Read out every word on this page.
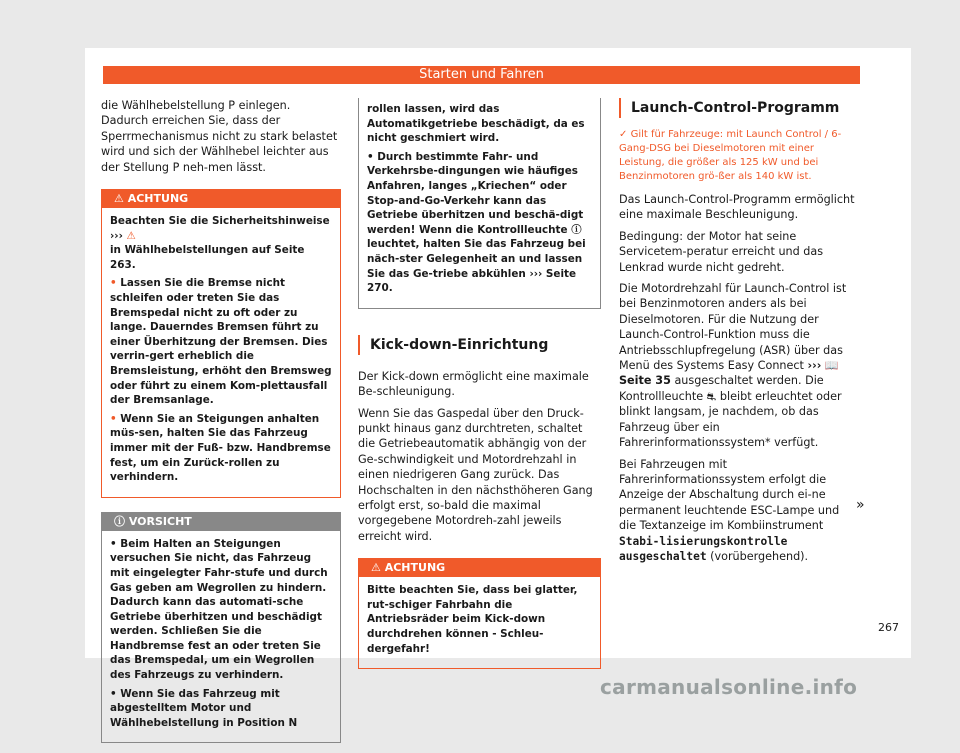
Starten und Fahren

die Wählhebelstellung P einlegen. Dadurch erreichen Sie, dass der Sperrmechanismus nicht zu stark belastet wird und sich der Wählhebel leichter aus der Stellung P neh-men lässt.

⚠ ACHTUNG

Beachten Sie die Sicherheitshinweise ››› ⚠
in Wählhebelstellungen auf Seite 263.

• Lassen Sie die Bremse nicht schleifen oder treten Sie das Bremspedal nicht zu oft oder zu lange. Dauerndes Bremsen führt zu einer Überhitzung der Bremsen. Dies verrin-gert erheblich die Bremsleistung, erhöht den Bremsweg oder führt zu einem Kom-plettausfall der Bremsanlage.

• Wenn Sie an Steigungen anhalten müs-sen, halten Sie das Fahrzeug immer mit der Fuß- bzw. Handbremse fest, um ein Zurück-rollen zu verhindern.

ⓘ VORSICHT

• Beim Halten an Steigungen versuchen Sie nicht, das Fahrzeug mit eingelegter Fahr-stufe und durch Gas geben am Wegrollen zu hindern. Dadurch kann das automati-sche Getriebe überhitzen und beschädigt werden. Schließen Sie die Handbremse fest an oder treten Sie das Bremspedal, um ein Wegrollen des Fahrzeugs zu verhindern.

• Wenn Sie das Fahrzeug mit abgestelltem Motor und Wählhebelstellung in Position N

rollen lassen, wird das Automatikgetriebe beschädigt, da es nicht geschmiert wird.

• Durch bestimmte Fahr- und Verkehrsbe-dingungen wie häufiges Anfahren, langes „Kriechen“ oder Stop-and-Go-Verkehr kann das Getriebe überhitzen und beschä-digt werden! Wenn die Kontrollleuchte ⓘ leuchtet, halten Sie das Fahrzeug bei näch-ster Gelegenheit an und lassen Sie das Ge-triebe abkühlen ››› Seite 270.

Kick-down-Einrichtung

Der Kick-down ermöglicht eine maximale Be-schleunigung.

Wenn Sie das Gaspedal über den Druck-punkt hinaus ganz durchtreten, schaltet die Getriebeautomatik abhängig von der Ge-schwindigkeit und Motordrehzahl in einen niedrigeren Gang zurück. Das Hochschalten in den nächsthöheren Gang erfolgt erst, so-bald die maximal vorgegebene Motordreh-zahl jeweils erreicht wird.

⚠ ACHTUNG

Bitte beachten Sie, dass bei glatter, rut-schiger Fahrbahn die Antriebsräder beim Kick-down durchdrehen können - Schleu-dergefahr!

Launch-Control-Programm

✓ Gilt für Fahrzeuge: mit Launch Control / 6-Gang-DSG bei Dieselmotoren mit einer Leistung, die größer als 125 kW und bei Benzinmotoren grö-ßer als 140 kW ist.

Das Launch-Control-Programm ermöglicht eine maximale Beschleunigung.

Bedingung: der Motor hat seine Servicetem-peratur erreicht und das Lenkrad wurde nicht gedreht.

Die Motordrehzahl für Launch-Control ist bei Benzinmotoren anders als bei Dieselmotoren. Für die Nutzung der Launch-Control-Funktion muss die Antriebsschlupfregelung (ASR) über das Menü des Systems Easy Connect ››› 📖 Seite 35 ausgeschaltet werden. Die Kontrollleuchte ⛐ bleibt erleuchtet oder blinkt langsam, je nachdem, ob das Fahrzeug über ein Fahrerinformationssystem* verfügt.

Bei Fahrzeugen mit Fahrerinformationssystem erfolgt die Anzeige der Abschaltung durch ei-ne permanent leuchtende ESC-Lampe und die Textanzeige im Kombiinstrument Stabi-lisierungskontrolle ausgeschaltet (vorübergehend).

»
267
carmanualsonline.info
